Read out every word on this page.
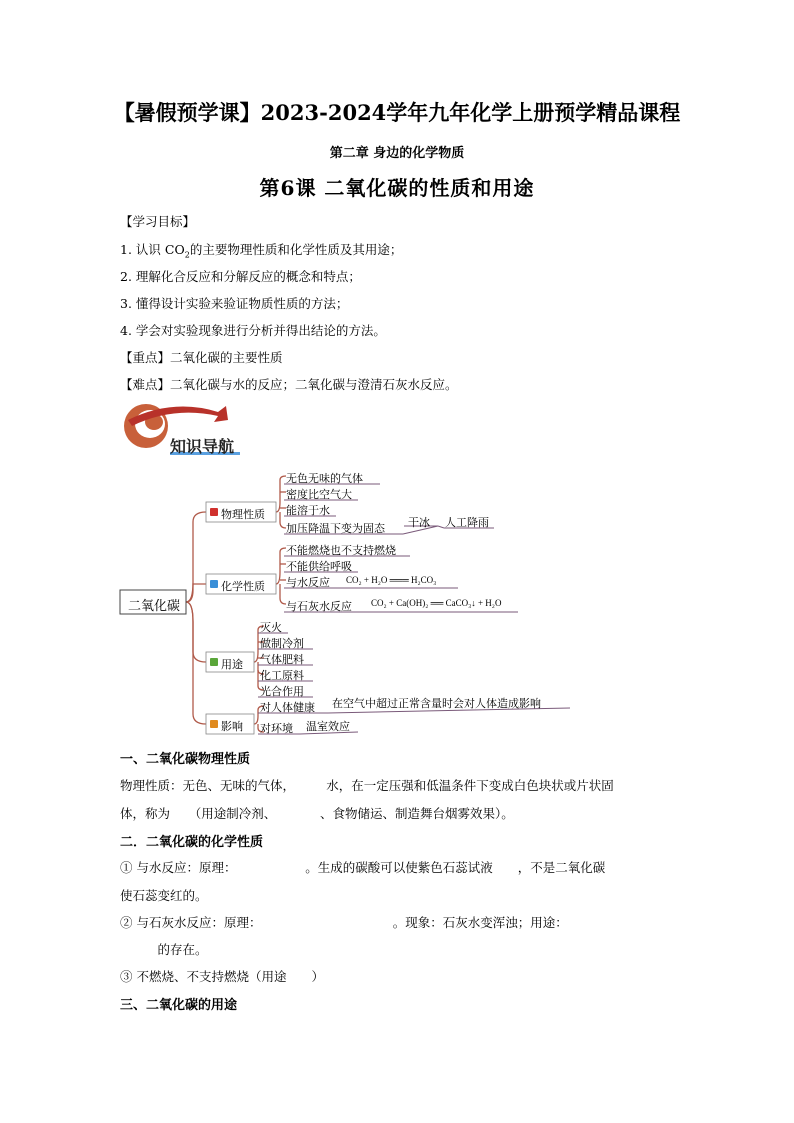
【暑假预学课】2023-2024学年九年化学上册预学精品课程
第二章 身边的化学物质
第6课 二氧化碳的性质和用途
【学习目标】
1. 认识 $CO_2$的主要物理性质和化学性质及其用途；
2. 理解化合反应和分解反应的概念和特点；
3. 懂得设计实验来验证物质性质的方法；
4. 学会对实验现象进行分析并得出结论的方法。
【重点】二氧化碳的主要性质
【难点】二氧化碳与水的反应；二氧化碳与澄清石灰水反应。
知识导航
二氧化碳
物理性质
无色无味的气体
密度比空气大
能溶于水
加压降温下变为固态 干冰 人工降雨
化学性质
不能燃烧也不支持燃烧
不能供给呼吸
与水反应 CO₂ + H₂O ═══ H₂CO₃
与石灰水反应 CO₂ + Ca(OH)₂ ══ CaCO₃↓ + H₂O
用途
灭火
做制冷剂
气体肥料
化工原料
光合作用
影响
对人体健康
对环境
在空气中超过正常含量时会对人体造成影响
温室效应
一、二氧化碳物理性质
物理性质：无色、无味的气体，　　　水，在一定压强和低温条件下变成白色块状或片状固
体，称为　　（用途制冷剂、　　　　、食物储运、制造舞台烟雾效果）。
二．二氧化碳的化学性质
① 与水反应：原理：　　　　　　。生成的碳酸可以使紫色石蕊试液　　，不是二氧化碳
使石蕊变红的。
② 与石灰水反应：原理：　　　　　　　　　　　。现象：石灰水变浑浊；用途：
　　　的存在。
③ 不燃烧、不支持燃烧（用途　　）
三、二氧化碳的用途
